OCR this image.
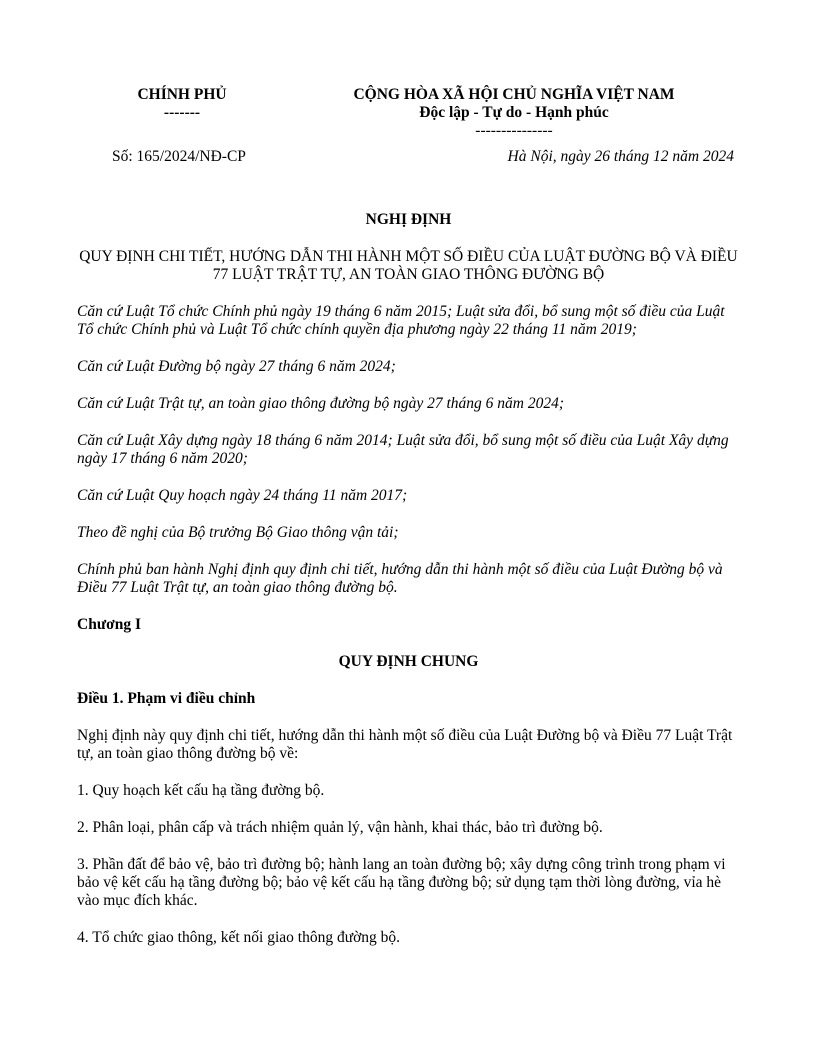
CHÍNH PHỦ
-------
CỘNG HÒA XÃ HỘI CHỦ NGHĨA VIỆT NAM
Độc lập - Tự do - Hạnh phúc
---------------
Số: 165/2024/NĐ-CP	Hà Nội, ngày 26 tháng 12 năm 2024

NGHỊ ĐỊNH

QUY ĐỊNH CHI TIẾT, HƯỚNG DẪN THI HÀNH MỘT SỐ ĐIỀU CỦA LUẬT ĐƯỜNG BỘ VÀ ĐIỀU 77 LUẬT TRẬT TỰ, AN TOÀN GIAO THÔNG ĐƯỜNG BỘ

Căn cứ Luật Tổ chức Chính phủ ngày 19 tháng 6 năm 2015; Luật sửa đổi, bổ sung một số điều của Luật Tổ chức Chính phủ và Luật Tổ chức chính quyền địa phương ngày 22 tháng 11 năm 2019;

Căn cứ Luật Đường bộ ngày 27 tháng 6 năm 2024;

Căn cứ Luật Trật tự, an toàn giao thông đường bộ ngày 27 tháng 6 năm 2024;

Căn cứ Luật Xây dựng ngày 18 tháng 6 năm 2014; Luật sửa đổi, bổ sung một số điều của Luật Xây dựng ngày 17 tháng 6 năm 2020;

Căn cứ Luật Quy hoạch ngày 24 tháng 11 năm 2017;

Theo đề nghị của Bộ trưởng Bộ Giao thông vận tải;

Chính phủ ban hành Nghị định quy định chi tiết, hướng dẫn thi hành một số điều của Luật Đường bộ và Điều 77 Luật Trật tự, an toàn giao thông đường bộ.

Chương I

QUY ĐỊNH CHUNG

Điều 1. Phạm vi điều chỉnh

Nghị định này quy định chi tiết, hướng dẫn thi hành một số điều của Luật Đường bộ và Điều 77 Luật Trật tự, an toàn giao thông đường bộ về:

1. Quy hoạch kết cấu hạ tầng đường bộ.

2. Phân loại, phân cấp và trách nhiệm quản lý, vận hành, khai thác, bảo trì đường bộ.

3. Phần đất để bảo vệ, bảo trì đường bộ; hành lang an toàn đường bộ; xây dựng công trình trong phạm vi bảo vệ kết cấu hạ tầng đường bộ; bảo vệ kết cấu hạ tầng đường bộ; sử dụng tạm thời lòng đường, vỉa hè vào mục đích khác.

4. Tổ chức giao thông, kết nối giao thông đường bộ.
